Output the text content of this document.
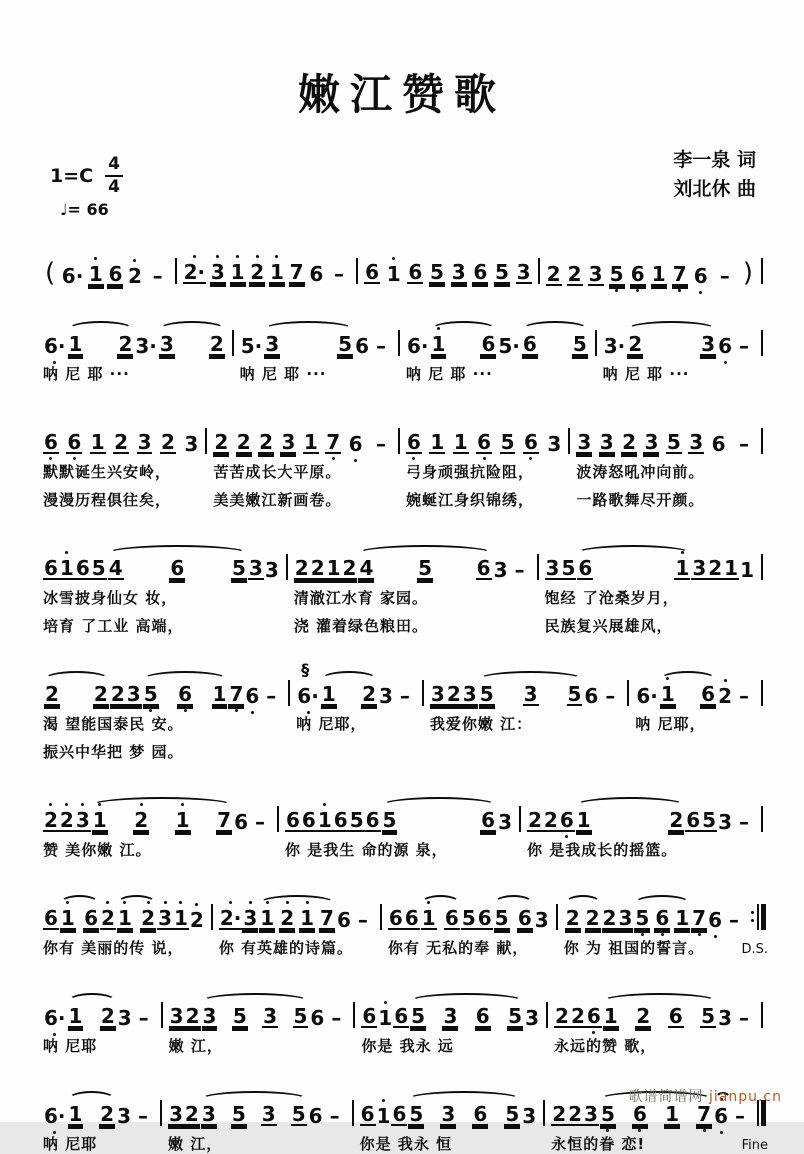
嫩江赞歌
$1=C \frac{4}{4}$
♩= 66
李一泉 词
刘北休 曲
( 6· 1 6 2 –	2· 3 1 2 1 7 6 –	6 1 6 5 3 6 5 3 2 2 3 5 6 1 7 6 – )
6· 1 2 3· 3 2
呐 尼 耶 ···
5· 3	5 6 –
呐 尼 耶 ···
6· 1 6 5· 6 5
呐 尼 耶 ···
3· 2	3 6 –
呐 尼 耶 ···
6 6 1 2 3 2 3
默默诞生兴安岭，
漫漫历程俱往矣，
2 2 2 3 1 7 6 –
苦苦成长大平原。
美美嫩江新画卷。
6 1 1 6 5 6 3
弓身顽强抗险阻，
婉蜒江身织锦绣，
3 3 2 3 5 3 6 –
波涛怒吼冲向前。
一路歌舞尽开颜。
6 1 6 5 4 6 5 3 3
冰雪披身仙女 妆，
培育 了工业 高端，
2 2 1 2 4 5 6 3 –
清澈江水育 家园。
浇 灌着绿色粮田。
3 5 6	1 3 2 1 1
饱经 了沧桑岁月，
民族复兴展雄风，
2 2 2 3 5 6 1 7 6 –
渴 望能国泰民 安。
振兴中华把 梦 园。
§
6· 1 2 3 –
呐 尼耶，
3 2 3 5 3 5 6 –
我爱你嫩 江：
6· 1 6 2 –
呐 尼耶，
2 2 3 1 2 1 7 6 –
赞 美你嫩 江。
6 6 1 6 5 6 5	6 3
你 是我生 命的源 泉，
2 2 6 1	2 6 5 3 –
你 是我成长的摇篮。
6 1 6 2 1 2 3 1 2
你有 美丽的传 说，
2· 3 1 2 1 7 6 –
你 有英雄的诗篇。
6 6 1 6 5 6 5 6 3
你有 无私的奉 献，
2 2 2 3 5 6 1 7 6 –
你 为 祖国的誓言。	D.S.
6· 1 2 3 –
呐 尼耶
3 2 3 5 3 5 6 –
嫩 江，
6 1 6 5 3 6 5 3
你是 我永 远
2 2 6 1 2 6 5 3 –
永远的赞 歌，
6· 1 2 3 –
呐 尼耶
3 2 3 5 3 5 6 –
嫩 江，
6 1 6 5 3 6 5 3
你是 我永 恒
2 2 3 5 6 1 7 6 –
永恒的眷 恋!	Fine
歌谱简谱网 jianpu.cn
